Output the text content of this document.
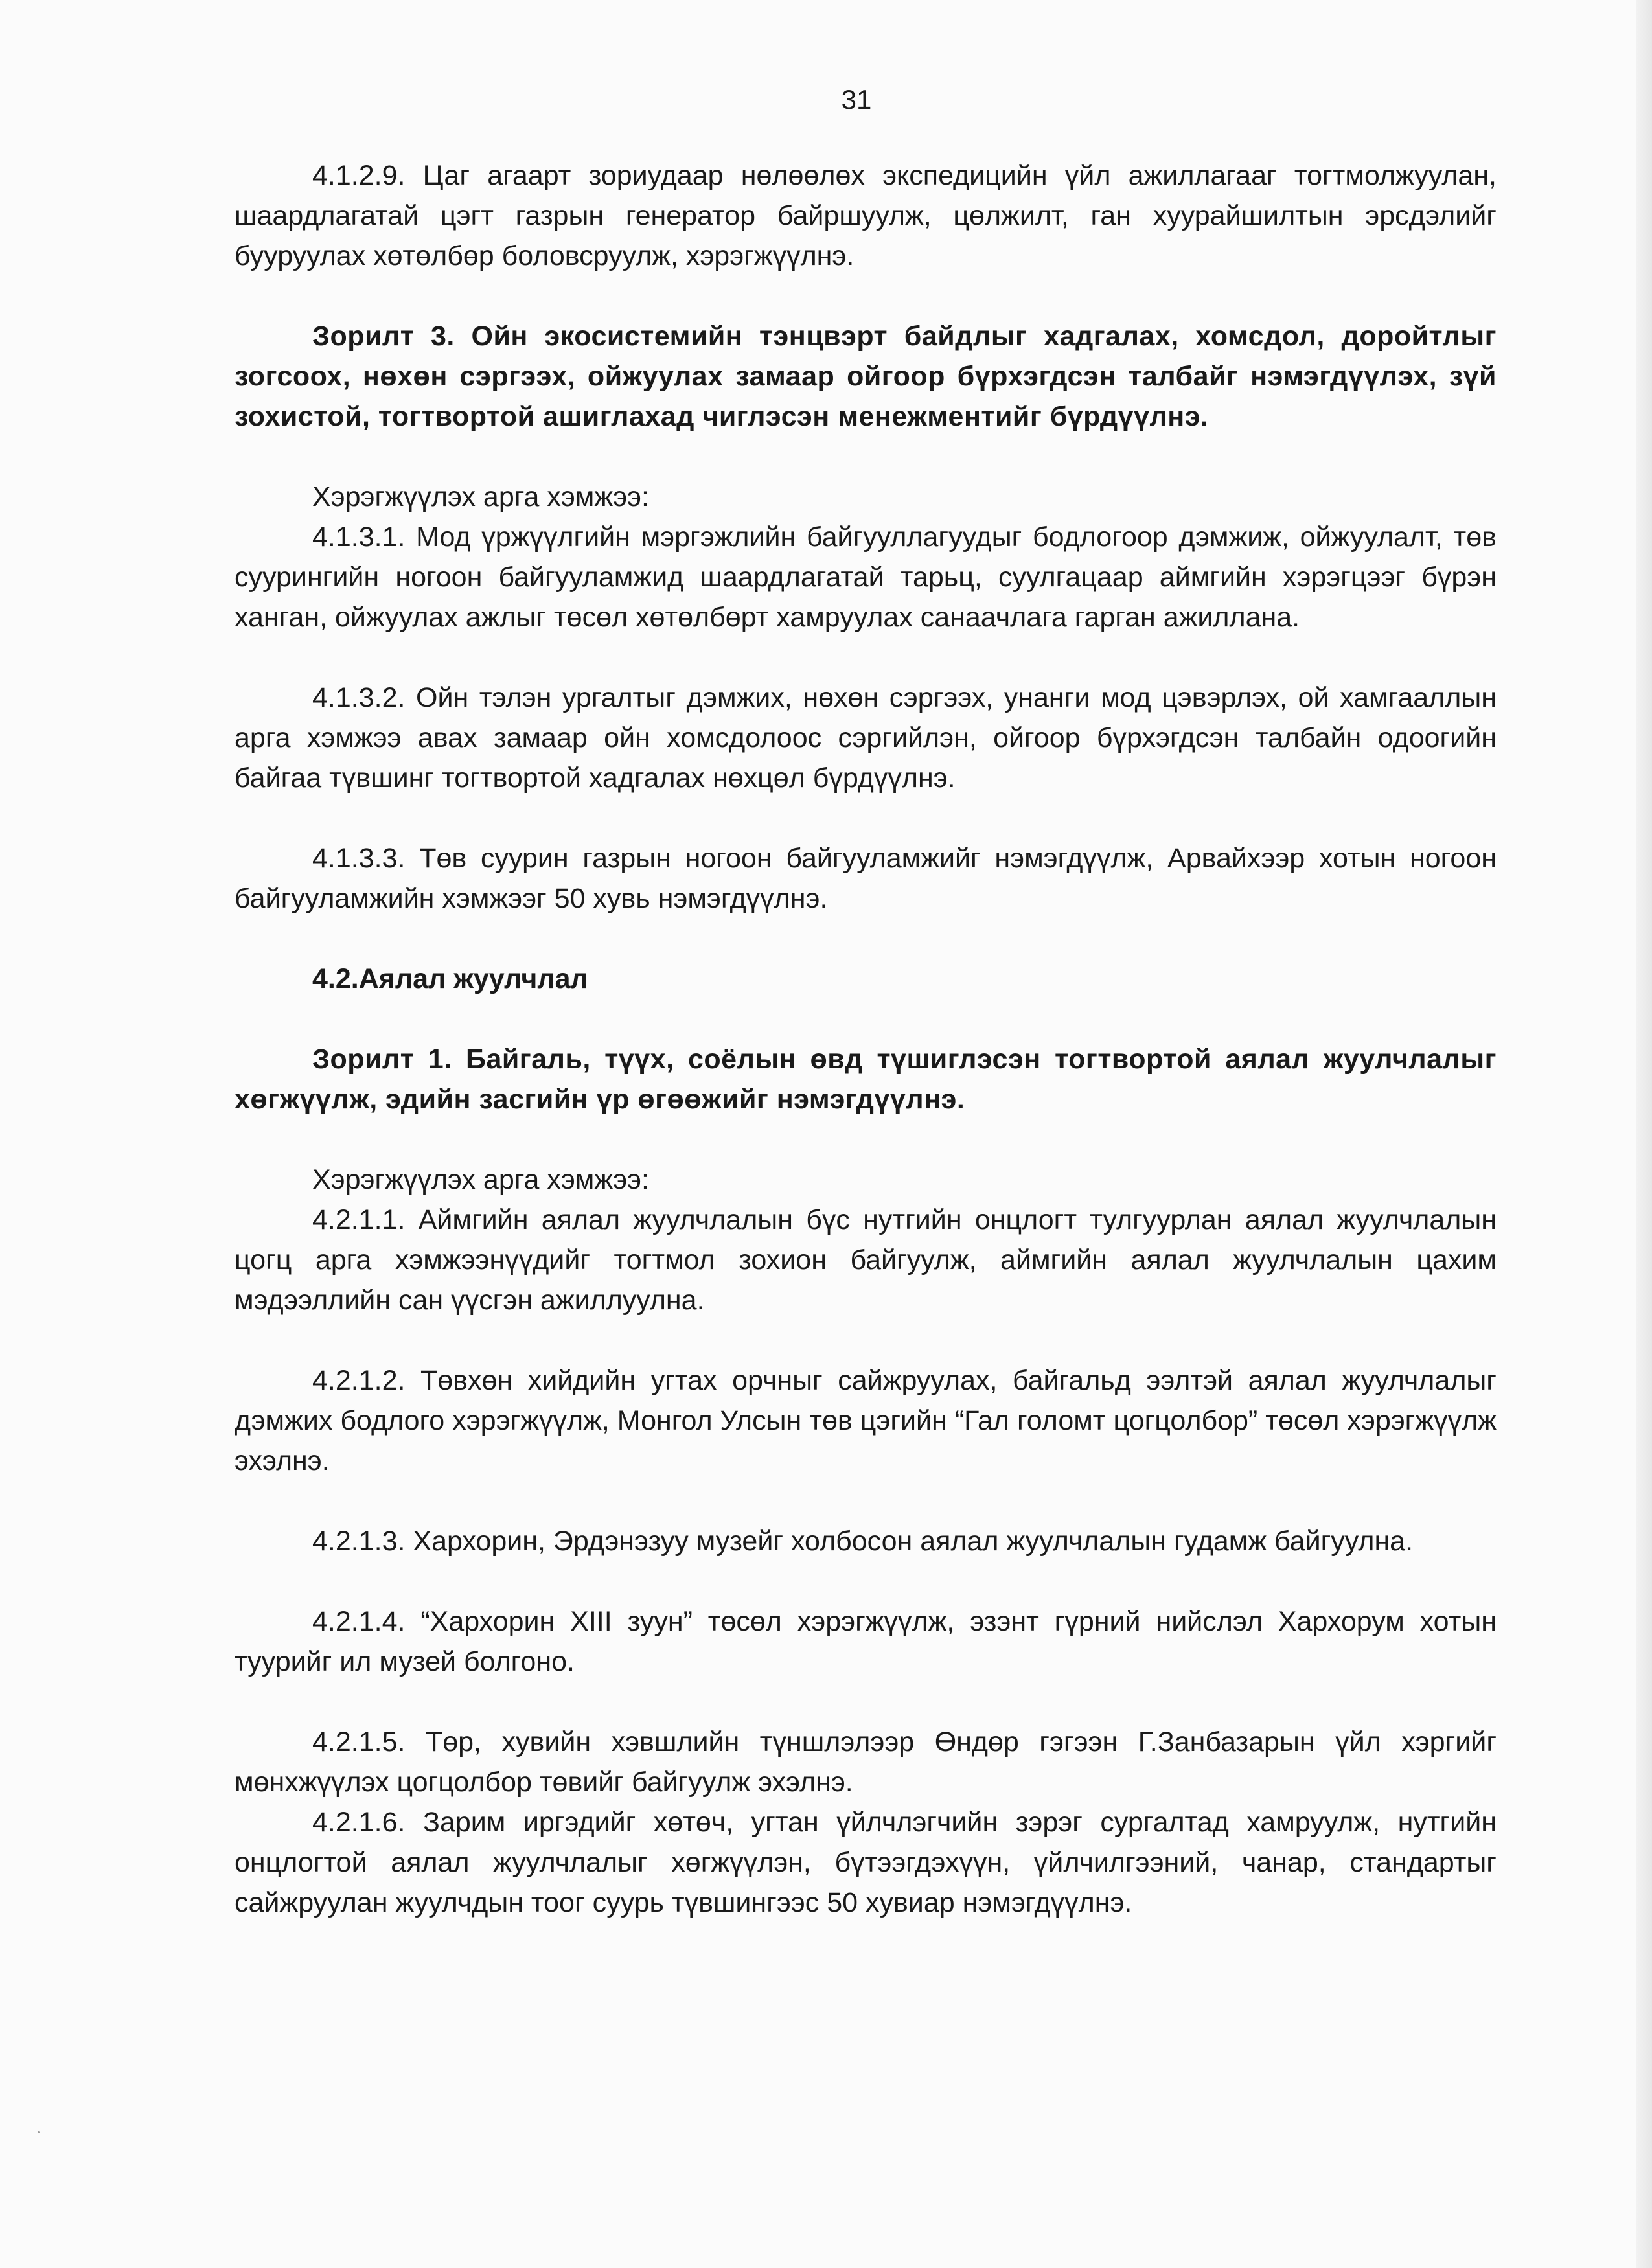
31

4.1.2.9. Цаг агаарт зориудаар нөлөөлөх экспедицийн үйл ажиллагааг тогтмолжуулан, шаардлагатай цэгт газрын генератор байршуулж, цөлжилт, ган хуурайшилтын эрсдэлийг бууруулах хөтөлбөр боловсруулж, хэрэгжүүлнэ.

Зорилт 3. Ойн экосистемийн тэнцвэрт байдлыг хадгалах, хомсдол, доройтлыг зогсоох, нөхөн сэргээх, ойжуулах замаар ойгоор бүрхэгдсэн талбайг нэмэгдүүлэх, зүй зохистой, тогтвортой ашиглахад чиглэсэн менежментийг бүрдүүлнэ.

Хэрэгжүүлэх арга хэмжээ:

4.1.3.1. Мод үржүүлгийн мэргэжлийн байгууллагуудыг бодлогоор дэмжиж, ойжуулалт, төв суурингийн ногоон байгууламжид шаардлагатай тарьц, суулгацаар аймгийн хэрэгцээг бүрэн ханган, ойжуулах ажлыг төсөл хөтөлбөрт хамруулах санаачлага гарган ажиллана.

4.1.3.2. Ойн тэлэн ургалтыг дэмжих, нөхөн сэргээх, унанги мод цэвэрлэх, ой хамгааллын арга хэмжээ авах замаар ойн хомсдолоос сэргийлэн, ойгоор бүрхэгдсэн талбайн одоогийн байгаа түвшинг тогтвортой хадгалах нөхцөл бүрдүүлнэ.

4.1.3.3. Төв суурин газрын ногоон байгууламжийг нэмэгдүүлж, Арвайхээр хотын ногоон байгууламжийн хэмжээг 50 хувь нэмэгдүүлнэ.

4.2.Аялал жуулчлал

Зорилт 1. Байгаль, түүх, соёлын өвд түшиглэсэн тогтвортой аялал жуулчлалыг хөгжүүлж, эдийн засгийн үр өгөөжийг нэмэгдүүлнэ.

Хэрэгжүүлэх арга хэмжээ:

4.2.1.1. Аймгийн аялал жуулчлалын бүс нутгийн онцлогт тулгуурлан аялал жуулчлалын цогц арга хэмжээнүүдийг тогтмол зохион байгуулж, аймгийн аялал жуулчлалын цахим мэдээллийн сан үүсгэн ажиллуулна.

4.2.1.2. Төвхөн хийдийн угтах орчныг сайжруулах, байгальд ээлтэй аялал жуулчлалыг дэмжих бодлого хэрэгжүүлж, Монгол Улсын төв цэгийн “Гал голомт цогцолбор” төсөл хэрэгжүүлж эхэлнэ.

4.2.1.3. Хархорин, Эрдэнэзуу музейг холбосон аялал жуулчлалын гудамж байгуулна.

4.2.1.4. “Хархорин XIII зуун” төсөл хэрэгжүүлж, эзэнт гүрний нийслэл Хархорум хотын туурийг ил музей болгоно.

4.2.1.5. Төр, хувийн хэвшлийн түншлэлээр Өндөр гэгээн Г.Занбазарын үйл хэргийг мөнхжүүлэх цогцолбор төвийг байгуулж эхэлнэ.

4.2.1.6. Зарим иргэдийг хөтөч, угтан үйлчлэгчийн зэрэг сургалтад хамруулж, нутгийн онцлогтой аялал жуулчлалыг хөгжүүлэн, бүтээгдэхүүн, үйлчилгээний, чанар, стандартыг сайжруулан жуулчдын тоог суурь түвшингээс 50 хувиар нэмэгдүүлнэ.
